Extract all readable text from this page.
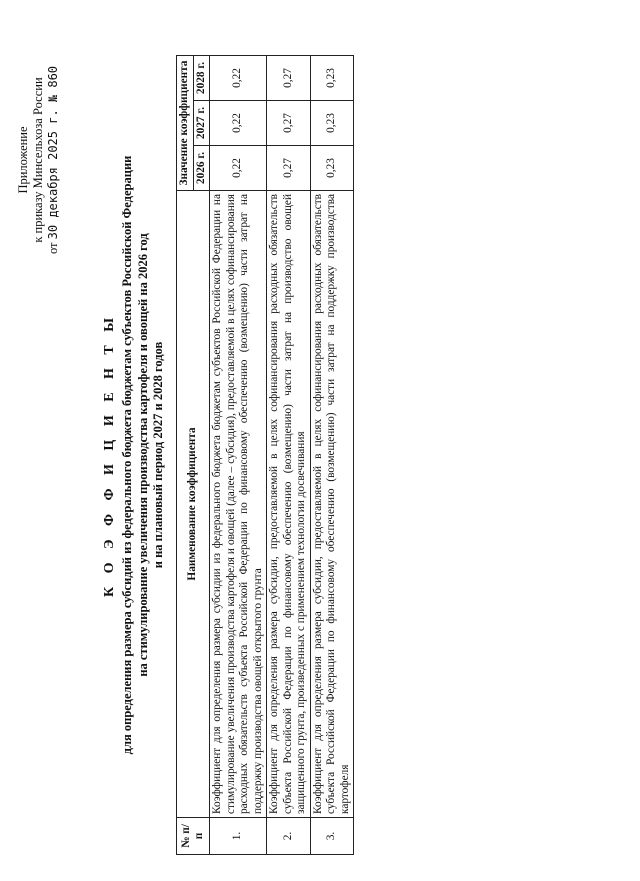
Приложение к приказу Минсельхоза России
от 30 декабря 2025 г. № 860
К О Э Ф Ф И Ц И Е Н Т Ы для определения размера субсидий из федерального бюджета бюджетам субъектов Российской Федерации на стимулирование увеличения производства картофеля и овощей на 2026 год и на плановый период 2027 и 2028 годов
№ п/п	Наименование коэффициента	Значение коэффициента		
		2026 г.	2027 г.	2028 г.
1.	Коэффициент для определения размера субсидии из федерального бюджета бюджетам субъектов Российской Федерации на стимулирование увеличения производства картофеля и овощей (далее – субсидия), предоставляемой в целях софинансирования расходных обязательств субъекта Российской Федерации по финансовому обеспечению (возмещению) части затрат на поддержку производства овощей открытого грунта	0,22	0,22	0,22
2.	Коэффициент для определения размера субсидии, предоставляемой в целях софинансирования расходных обязательств субъекта Российской Федерации по финансовому обеспечению (возмещению) части затрат на производство овощей защищенного грунта, произведенных с применением технологии досвечивания	0,27	0,27	0,27
3.	Коэффициент для определения размера субсидии, предоставляемой в целях софинансирования расходных обязательств субъекта Российской Федерации по финансовому обеспечению (возмещению) части затрат на поддержку производства картофеля	0,23	0,23	0,23
